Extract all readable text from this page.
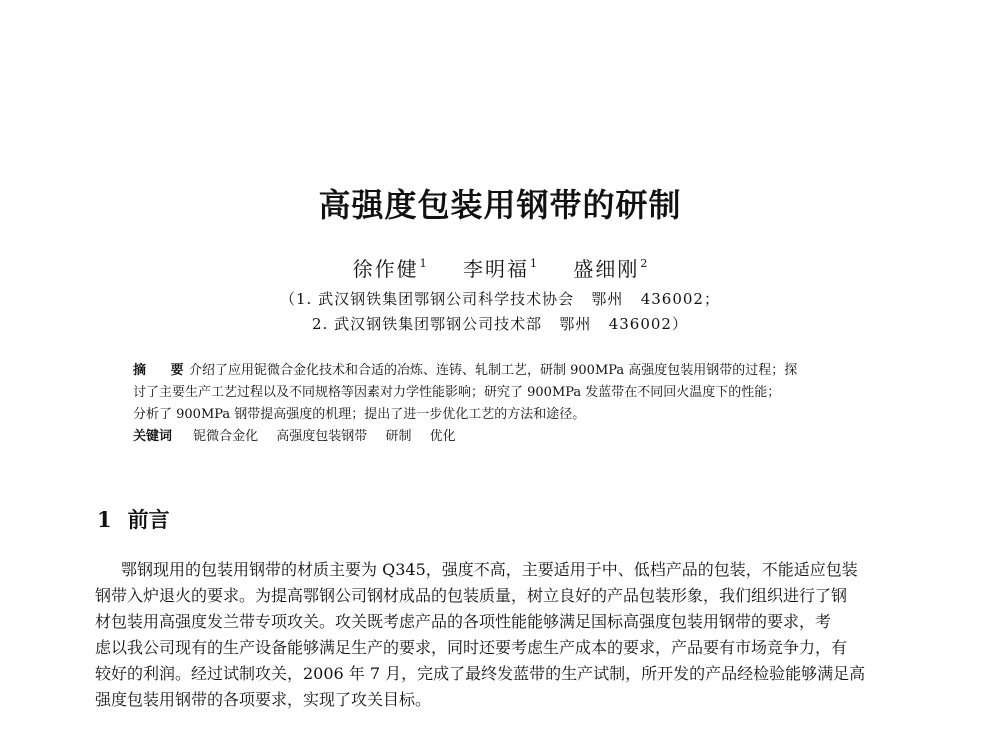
高强度包装用钢带的研制
徐作健$^1$ 李明福$^1$ 盛细刚$^2$
（1. 武汉钢铁集团鄂钢公司科学技术协会   鄂州   436002；
2. 武汉钢铁集团鄂钢公司技术部   鄂州   436002）
摘 要介绍了应用铌微合金化技术和合适的冶炼、连铸、轧制工艺，研制 900MPa 高强度包装用钢带的过程；探
讨了主要生产工艺过程以及不同规格等因素对力学性能影响；研究了 900MPa 发蓝带在不同回火温度下的性能；
分析了 900MPa 钢带提高强度的机理；提出了进一步优化工艺的方法和途径。
关键词 铌微合金化 高强度包装钢带 研制 优化
1 前言
鄂钢现用的包装用钢带的材质主要为 Q345，强度不高，主要适用于中、低档产品的包装，不能适应包装
钢带入炉退火的要求。为提高鄂钢公司钢材成品的包装质量，树立良好的产品包装形象，我们组织进行了钢
材包装用高强度发兰带专项攻关。攻关既考虑产品的各项性能能够满足国标高强度包装用钢带的要求，考
虑以我公司现有的生产设备能够满足生产的要求，同时还要考虑生产成本的要求，产品要有市场竞争力，有
较好的利润。经过试制攻关，2006 年 7 月，完成了最终发蓝带的生产试制，所开发的产品经检验能够满足高
强度包装用钢带的各项要求，实现了攻关目标。
